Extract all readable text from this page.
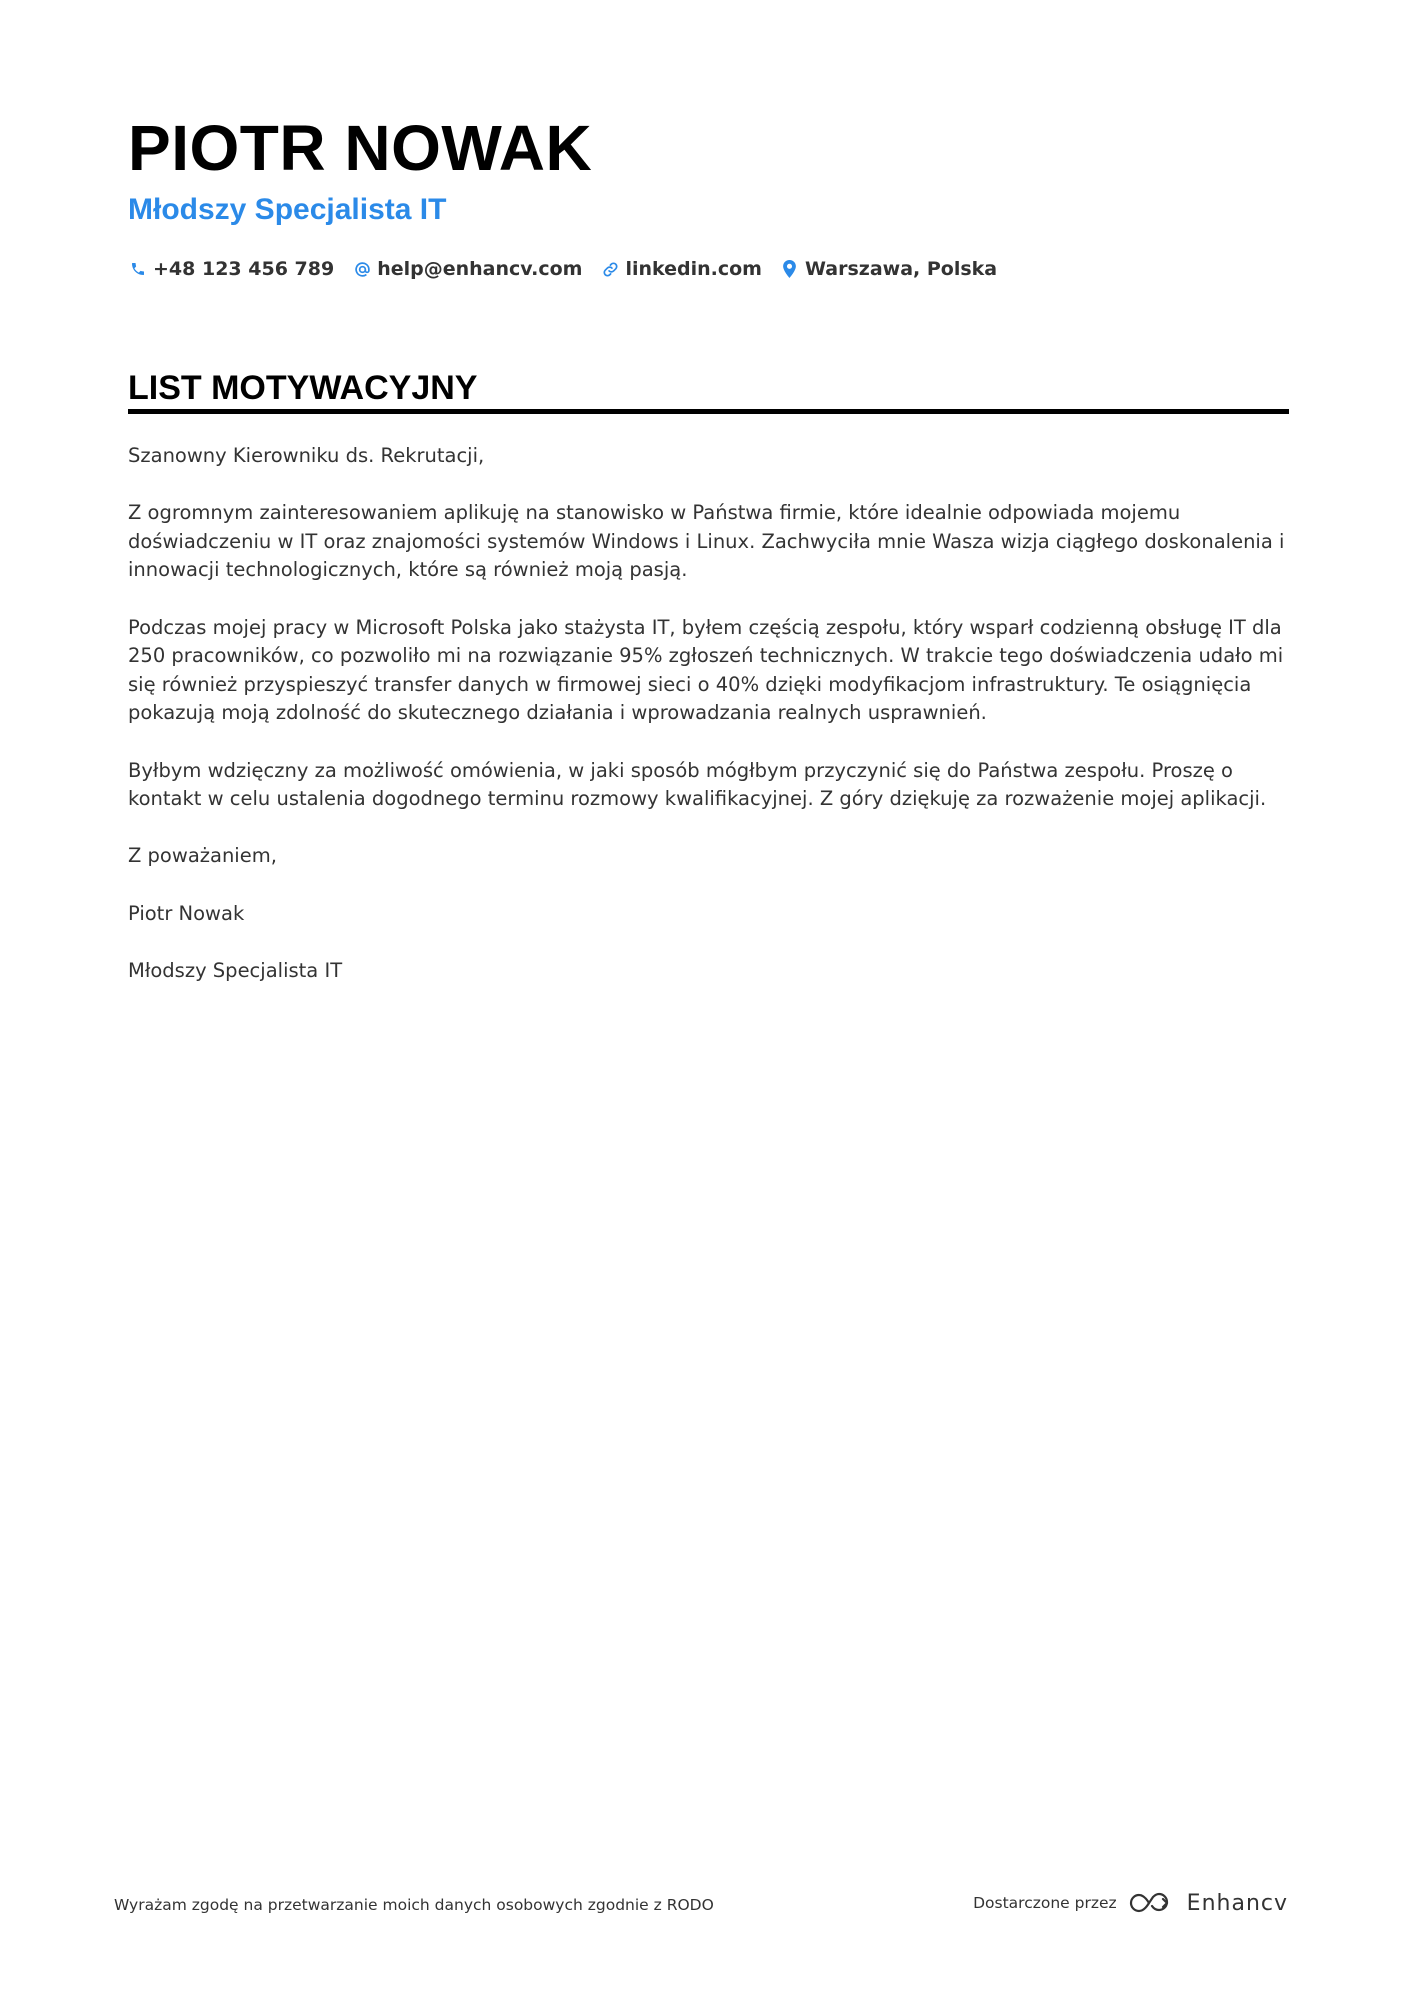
PIOTR NOWAK
Młodszy Specjalista IT
+48 123 456 789 help@enhancv.com linkedin.com Warszawa, Polska
LIST MOTYWACYJNY

Szanowny Kierowniku ds. Rekrutacji,

Z ogromnym zainteresowaniem aplikuję na stanowisko w Państwa firmie, które idealnie odpowiada mojemu doświadczeniu w IT oraz znajomości systemów Windows i Linux. Zachwyciła mnie Wasza wizja ciągłego doskonalenia i innowacji technologicznych, które są również moją pasją.

Podczas mojej pracy w Microsoft Polska jako stażysta IT, byłem częścią zespołu, który wsparł codzienną obsługę IT dla 250 pracowników, co pozwoliło mi na rozwiązanie 95% zgłoszeń technicznych. W trakcie tego doświadczenia udało mi się również przyspieszyć transfer danych w firmowej sieci o 40% dzięki modyfikacjom infrastruktury. Te osiągnięcia pokazują moją zdolność do skutecznego działania i wprowadzania realnych usprawnień.

Byłbym wdzięczny za możliwość omówienia, w jaki sposób mógłbym przyczynić się do Państwa zespołu. Proszę o kontakt w celu ustalenia dogodnego terminu rozmowy kwalifikacyjnej. Z góry dziękuję za rozważenie mojej aplikacji.

Z poważaniem,

Piotr Nowak

Młodszy Specjalista IT

Wyrażam zgodę na przetwarzanie moich danych osobowych zgodnie z RODO	Dostarczone przez	Enhancv
